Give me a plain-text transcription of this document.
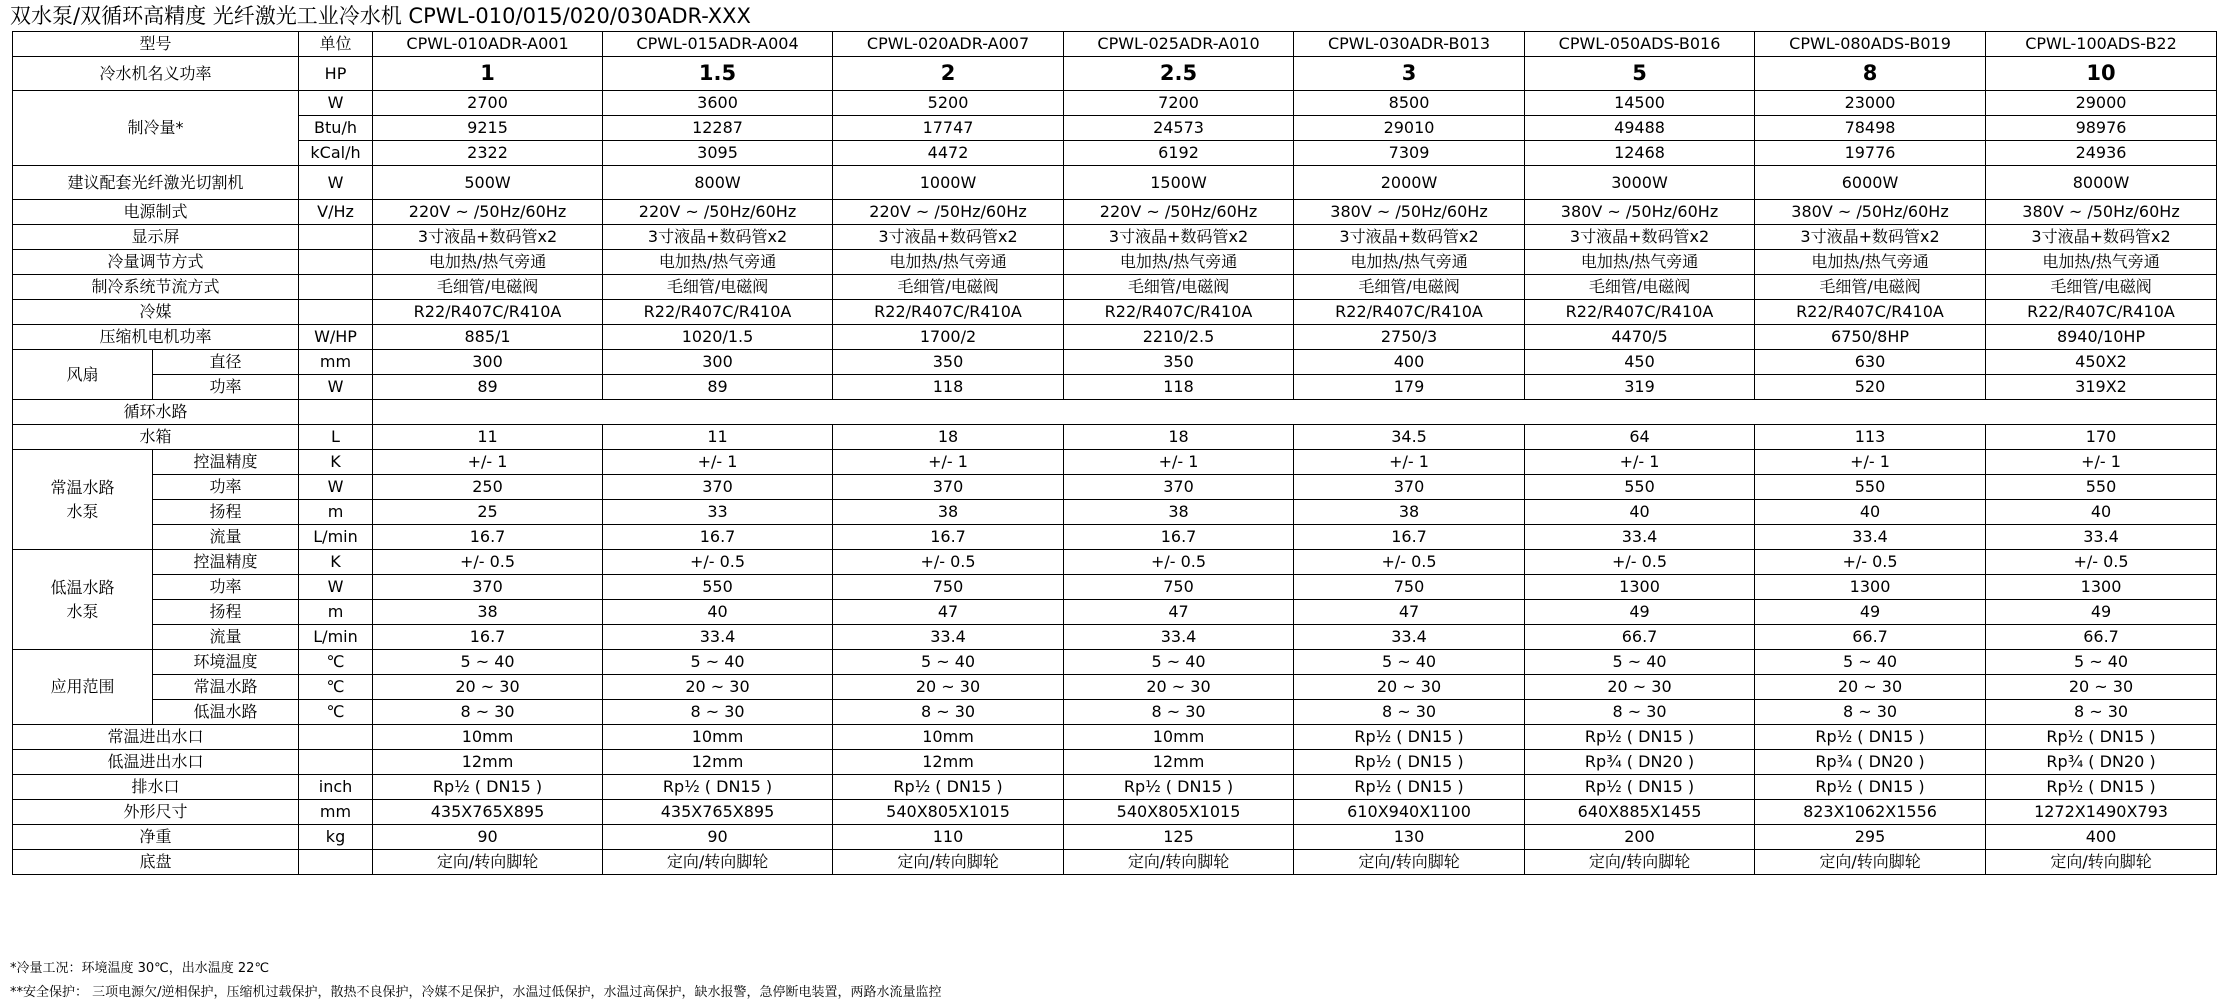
双水泵/双循环高精度 光纤激光工业冷水机 CPWL-010/015/020/030ADR-XXX
型号		单位	CPWL-010ADR-A001	CPWL-015ADR-A004	CPWL-020ADR-A007	CPWL-025ADR-A010	CPWL-030ADR-B013	CPWL-050ADS-B016	CPWL-080ADS-B019	CPWL-100ADS-B22
冷水机名义功率		HP	1	1.5	2	2.5	3	5	8	10
制冷量*		W	2700	3600	5200	7200	8500	14500	23000	29000
		Btu/h	9215	12287	17747	24573	29010	49488	78498	98976
		kCal/h	2322	3095	4472	6192	7309	12468	19776	24936
建议配套光纤激光切割机		W	500W	800W	1000W	1500W	2000W	3000W	6000W	8000W
电源制式		V/Hz	220V ~ /50Hz/60Hz	220V ~ /50Hz/60Hz	220V ~ /50Hz/60Hz	220V ~ /50Hz/60Hz	380V ~ /50Hz/60Hz	380V ~ /50Hz/60Hz	380V ~ /50Hz/60Hz	380V ~ /50Hz/60Hz
显示屏			3寸液晶+数码管x2	3寸液晶+数码管x2	3寸液晶+数码管x2	3寸液晶+数码管x2	3寸液晶+数码管x2	3寸液晶+数码管x2	3寸液晶+数码管x2	3寸液晶+数码管x2
冷量调节方式			电加热/热气旁通	电加热/热气旁通	电加热/热气旁通	电加热/热气旁通	电加热/热气旁通	电加热/热气旁通	电加热/热气旁通	电加热/热气旁通
制冷系统节流方式			毛细管/电磁阀	毛细管/电磁阀	毛细管/电磁阀	毛细管/电磁阀	毛细管/电磁阀	毛细管/电磁阀	毛细管/电磁阀	毛细管/电磁阀
冷媒			R22/R407C/R410A	R22/R407C/R410A	R22/R407C/R410A	R22/R407C/R410A	R22/R407C/R410A	R22/R407C/R410A	R22/R407C/R410A	R22/R407C/R410A
压缩机电机功率		W/HP	885/1	1020/1.5	1700/2	2210/2.5	2750/3	4470/5	6750/8HP	8940/10HP
风扇	直径	mm	300	300	350	350	400	450	630	450X2
	功率	W	89	89	118	118	179	319	520	319X2
循环水路										
水箱		L	11	11	18	18	34.5	64	113	170
常温水路
水泵	控温精度	K	+/- 1	+/- 1	+/- 1	+/- 1	+/- 1	+/- 1	+/- 1	+/- 1
	功率	W	250	370	370	370	370	550	550	550
	扬程	m	25	33	38	38	38	40	40	40
	流量	L/min	16.7	16.7	16.7	16.7	16.7	33.4	33.4	33.4
低温水路
水泵	控温精度	K	+/- 0.5	+/- 0.5	+/- 0.5	+/- 0.5	+/- 0.5	+/- 0.5	+/- 0.5	+/- 0.5
	功率	W	370	550	750	750	750	1300	1300	1300
	扬程	m	38	40	47	47	47	49	49	49
	流量	L/min	16.7	33.4	33.4	33.4	33.4	66.7	66.7	66.7
应用范围	环境温度	℃	5 ~ 40	5 ~ 40	5 ~ 40	5 ~ 40	5 ~ 40	5 ~ 40	5 ~ 40	5 ~ 40
	常温水路	℃	20 ~ 30	20 ~ 30	20 ~ 30	20 ~ 30	20 ~ 30	20 ~ 30	20 ~ 30	20 ~ 30
	低温水路	℃	8 ~ 30	8 ~ 30	8 ~ 30	8 ~ 30	8 ~ 30	8 ~ 30	8 ~ 30	8 ~ 30
常温进出水口			10mm	10mm	10mm	10mm	Rp½ ( DN15 )	Rp½ ( DN15 )	Rp½ ( DN15 )	Rp½ ( DN15 )
低温进出水口			12mm	12mm	12mm	12mm	Rp½ ( DN15 )	Rp¾ ( DN20 )	Rp¾ ( DN20 )	Rp¾ ( DN20 )
排水口		inch	Rp½ ( DN15 )	Rp½ ( DN15 )	Rp½ ( DN15 )	Rp½ ( DN15 )	Rp½ ( DN15 )	Rp½ ( DN15 )	Rp½ ( DN15 )	Rp½ ( DN15 )
外形尺寸		mm	435X765X895	435X765X895	540X805X1015	540X805X1015	610X940X1100	640X885X1455	823X1062X1556	1272X1490X793
净重		kg	90	90	110	125	130	200	295	400
底盘			定向/转向脚轮	定向/转向脚轮	定向/转向脚轮	定向/转向脚轮	定向/转向脚轮	定向/转向脚轮	定向/转向脚轮	定向/转向脚轮
*冷量工况：环境温度 30℃，出水温度 22℃
**安全保护： 三项电源欠/逆相保护，压缩机过载保护，散热不良保护，冷媒不足保护，水温过低保护，水温过高保护，缺水报警，急停断电装置，两路水流量监控
